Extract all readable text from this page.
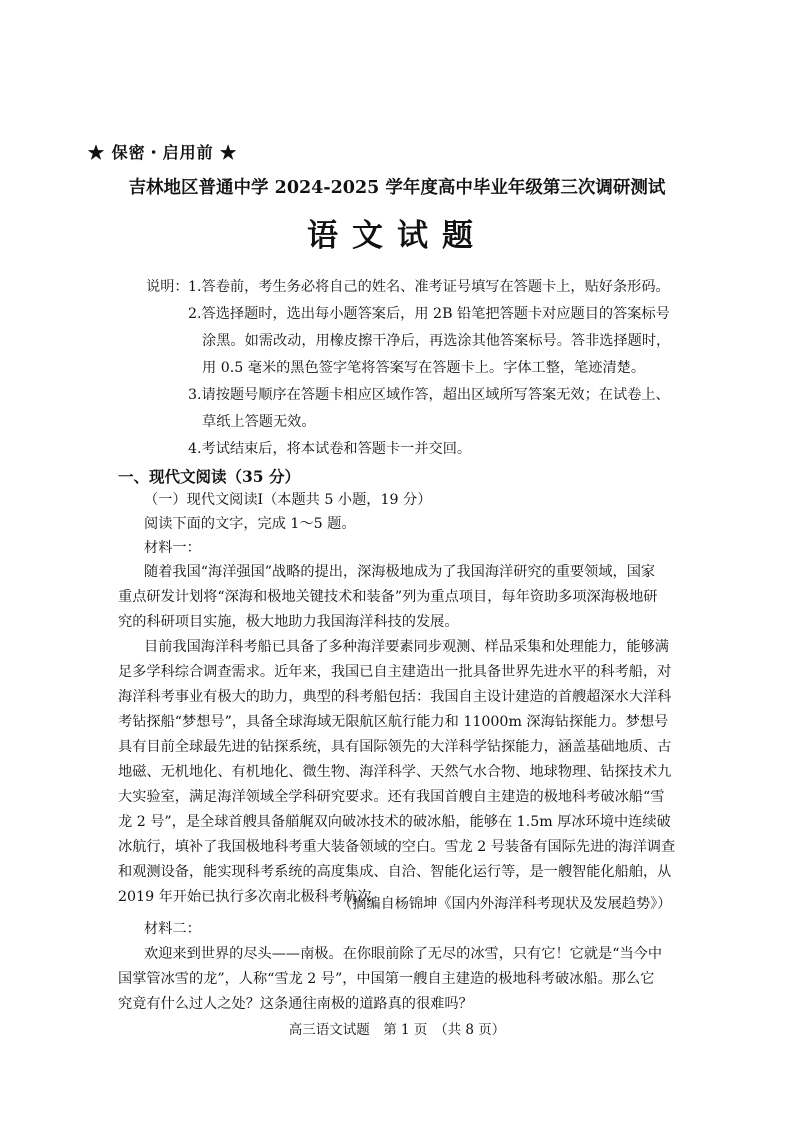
★ 保密・启用前 ★
吉林地区普通中学 2024-2025 学年度高中毕业年级第三次调研测试
语文试题
说明： 1.答卷前，考生务必将自己的姓名、准考证号填写在答题卡上，贴好条形码。
2.答选择题时，选出每小题答案后，用 2B 铅笔把答题卡对应题目的答案标号
涂黑。如需改动，用橡皮擦干净后，再选涂其他答案标号。答非选择题时，
用 0.5 毫米的黑色签字笔将答案写在答题卡上。字体工整，笔迹清楚。
3.请按题号顺序在答题卡相应区域作答，超出区域所写答案无效；在试卷上、
草纸上答题无效。
4.考试结束后，将本试卷和答题卡一并交回。
一、现代文阅读（35 分）
（一）现代文阅读Ⅰ（本题共 5 小题，19 分）
阅读下面的文字，完成 1～5 题。
材料一：
随着我国“海洋强国”战略的提出，深海极地成为了我国海洋研究的重要领域，国家
重点研发计划将“深海和极地关键技术和装备”列为重点项目，每年资助多项深海极地研
究的科研项目实施，极大地助力我国海洋科技的发展。
目前我国海洋科考船已具备了多种海洋要素同步观测、样品采集和处理能力，能够满
足多学科综合调查需求。近年来，我国已自主建造出一批具备世界先进水平的科考船，对
海洋科考事业有极大的助力，典型的科考船包括：我国自主设计建造的首艘超深水大洋科
考钻探船“梦想号”，具备全球海域无限航区航行能力和 11000m 深海钻探能力。梦想号
具有目前全球最先进的钻探系统，具有国际领先的大洋科学钻探能力，涵盖基础地质、古
地磁、无机地化、有机地化、微生物、海洋科学、天然气水合物、地球物理、钻探技术九
大实验室，满足海洋领域全学科研究要求。还有我国首艘自主建造的极地科考破冰船“雪
龙 2 号”，是全球首艘具备艏艉双向破冰技术的破冰船，能够在 1.5m 厚冰环境中连续破
冰航行，填补了我国极地科考重大装备领域的空白。雪龙 2 号装备有国际先进的海洋调查
和观测设备，能实现科考系统的高度集成、自洽、智能化运行等，是一艘智能化船舶，从
2019 年开始已执行多次南北极科考航次。
（摘编自杨锦坤《国内外海洋科考现状及发展趋势》）
材料二：
欢迎来到世界的尽头——南极。在你眼前除了无尽的冰雪，只有它！它就是“当今中
国掌管冰雪的龙”，人称“雪龙 2 号”，中国第一艘自主建造的极地科考破冰船。那么它
高三语文试题　第 1 页　（共 8 页）
究竟有什么过人之处？这条通往南极的道路真的很难吗？
